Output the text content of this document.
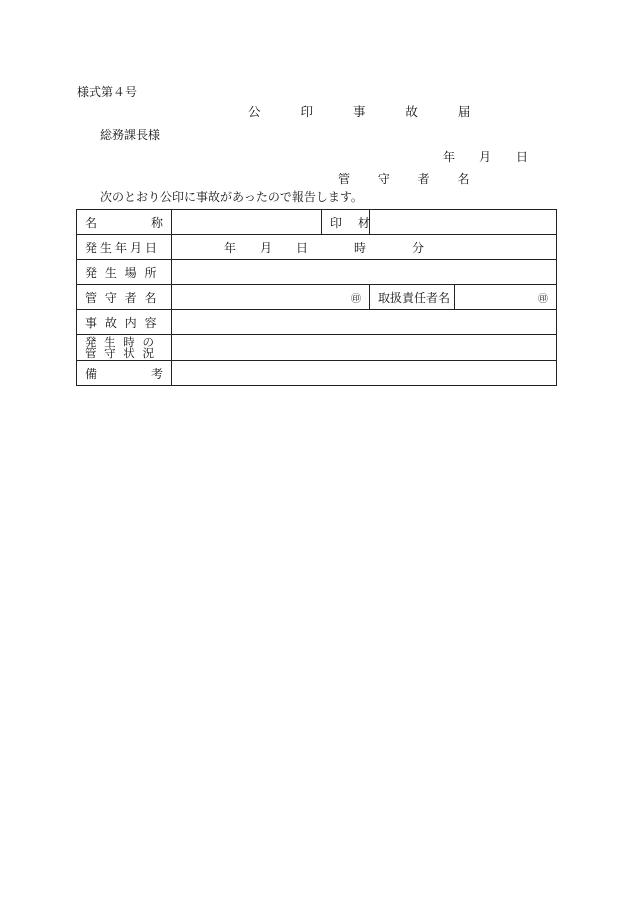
様式第４号
公 印 事 故 届
総務課長様
年 月 日
管 守 者 名
次のとおり公印に事故があったので報告します。
名 称		印 材		
発生年月日	年 月 日 時 分			
発 生 場 所				
管 守 者 名	㊞		取扱責任者名	㊞

事 故 内 容				

発 生 時 の
管 守 状 況				

備 考				
